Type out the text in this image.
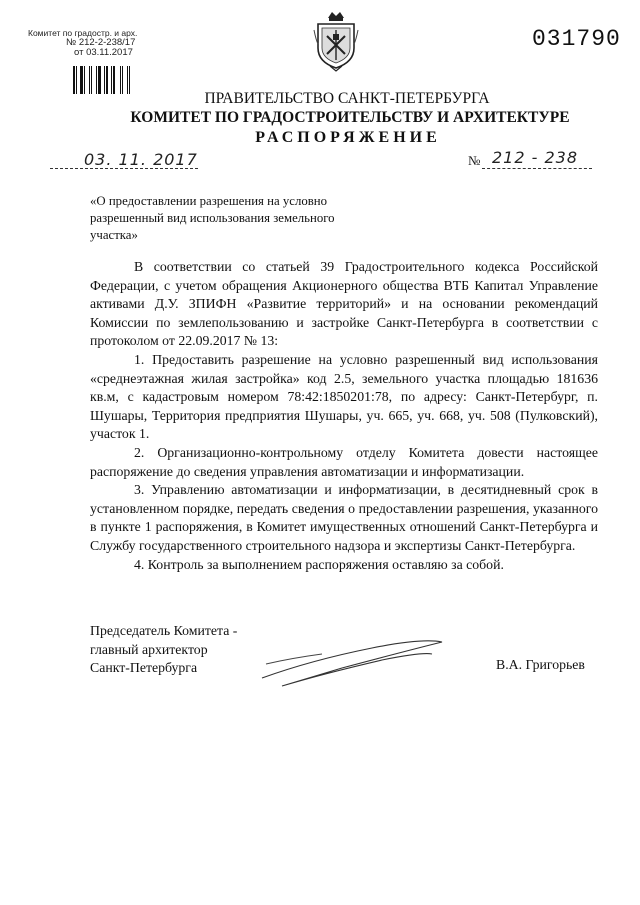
Комитет по градостр. и арх.
№ 212-2-238/17
от 03.11.2017
031790
ПРАВИТЕЛЬСТВО САНКТ-ПЕТЕРБУРГА
КОМИТЕТ ПО ГРАДОСТРОИТЕЛЬСТВУ И АРХИТЕКТУРЕ
РАСПОРЯЖЕНИЕ
03. 11. 2017	№ 212 - 238
«О предоставлении разрешения на условно разрешенный вид использования земельного участка»

В соответствии со статьей 39 Градостроительного кодекса Российской Федерации, с учетом обращения Акционерного общества ВТБ Капитал Управление активами Д.У. ЗПИФН «Развитие территорий» и на основании рекомендаций Комиссии по землепользованию и застройке Санкт-Петербурга в соответствии с протоколом от 22.09.2017 № 13:

1. Предоставить разрешение на условно разрешенный вид использования «среднеэтажная жилая застройка» код 2.5, земельного участка площадью 181636 кв.м, с кадастровым номером 78:42:1850201:78, по адресу: Санкт-Петербург, п. Шушары, Территория предприятия Шушары, уч. 665, уч. 668, уч. 508 (Пулковский), участок 1.

2. Организационно-контрольному отделу Комитета довести настоящее распоряжение до сведения управления автоматизации и информатизации.

3. Управлению автоматизации и информатизации, в десятидневный срок в установленном порядке, передать сведения о предоставлении разрешения, указанного в пункте 1 распоряжения, в Комитет имущественных отношений Санкт-Петербурга и Службу государственного строительного надзора и экспертизы Санкт-Петербурга.

4. Контроль за выполнением распоряжения оставляю за собой.

Председатель Комитета -
главный архитектор
Санкт-Петербурга	В.А. Григорьев
